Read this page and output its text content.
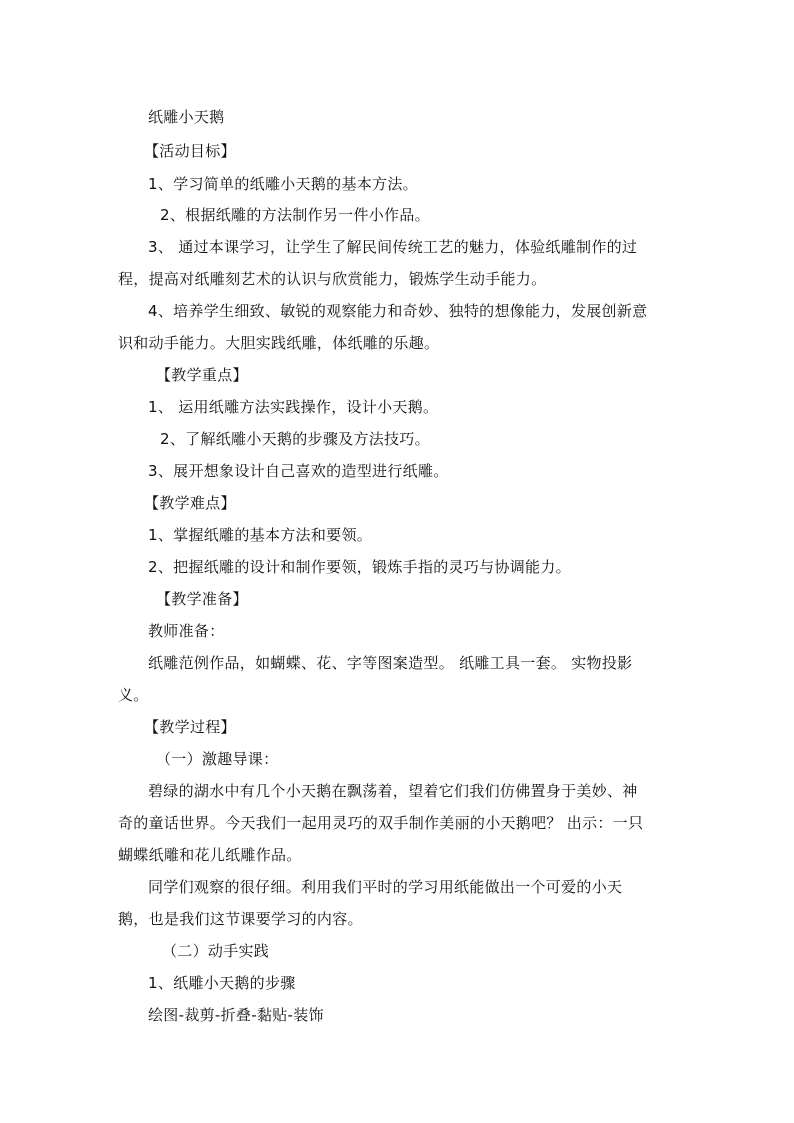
纸雕小天鹅
【活动目标】
1、学习简单的纸雕小天鹅的基本方法。
2、根据纸雕的方法制作另一件小作品。
3、 通过本课学习，让学生了解民间传统工艺的魅力，体验纸雕制作的过
程，提高对纸雕刻艺术的认识与欣赏能力，锻炼学生动手能力。
4、培养学生细致、敏锐的观察能力和奇妙、独特的想像能力，发展创新意
识和动手能力。大胆实践纸雕，体纸雕的乐趣。
【教学重点】
1、 运用纸雕方法实践操作，设计小天鹅。
2、了解纸雕小天鹅的步骤及方法技巧。
3、展开想象设计自己喜欢的造型进行纸雕。
【教学难点】
1、掌握纸雕的基本方法和要领。
2、把握纸雕的设计和制作要领，锻炼手指的灵巧与协调能力。
【教学准备】
教师准备：
纸雕范例作品，如蝴蝶、花、字等图案造型。 纸雕工具一套。 实物投影
义。
【教学过程】
（一）激趣导课：
碧绿的湖水中有几个小天鹅在飘荡着，望着它们我们仿佛置身于美妙、神
奇的童话世界。今天我们一起用灵巧的双手制作美丽的小天鹅吧？ 出示：一只
蝴蝶纸雕和花儿纸雕作品。
同学们观察的很仔细。利用我们平时的学习用纸能做出一个可爱的小天
鹅，也是我们这节课要学习的内容。
（二）动手实践
1、纸雕小天鹅的步骤
绘图-裁剪-折叠-黏贴-装饰
